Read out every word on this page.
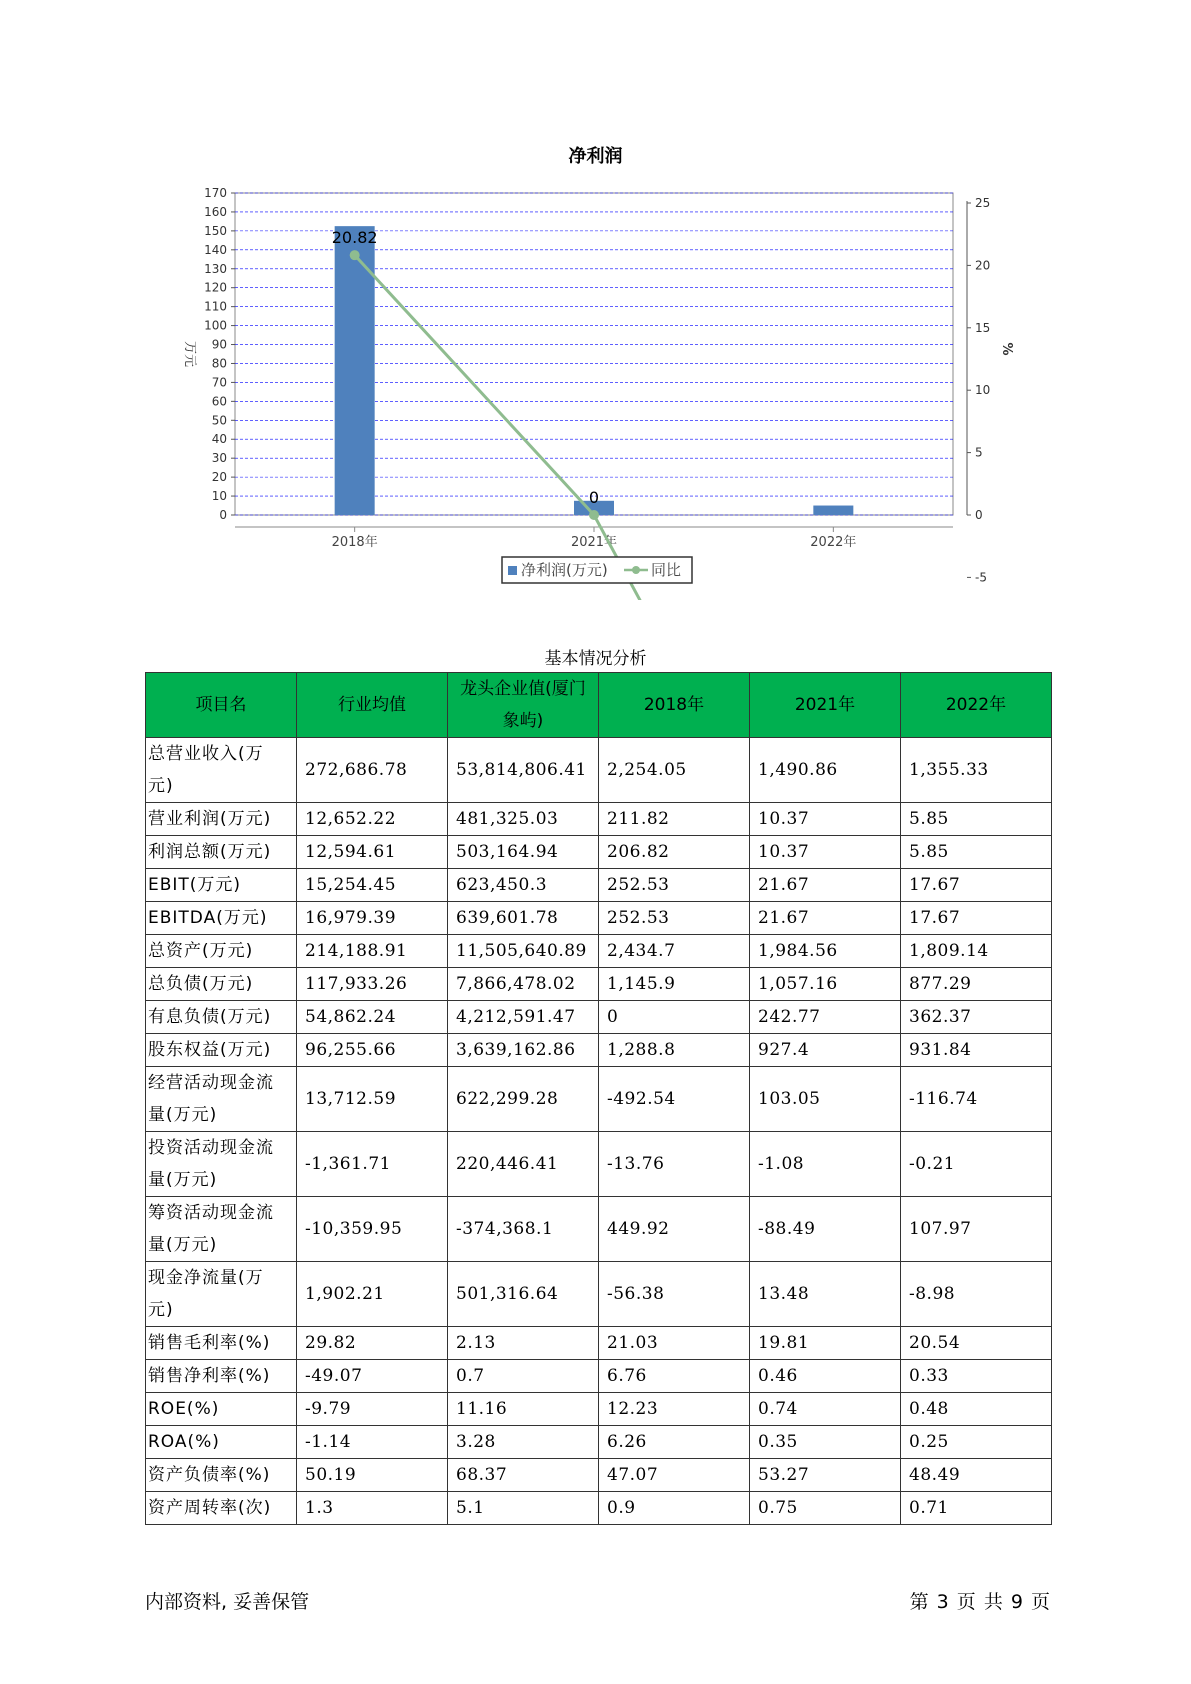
净利润
0
10
20
30
40
50
60
70
80
90
100
110
120
130
140
150
160
170
25
20
15
10
5
0
-5
万元	%
2018年	2021年	2022年
20.82
0
净利润(万元)	同比
基本情况分析
项目名	行业均值	龙头企业值(厦门象屿)	2018年	2021年	2022年
总营业收入(万元)	272,686.78	53,814,806.41	2,254.05	1,490.86	1,355.33
营业利润(万元)	12,652.22	481,325.03	211.82	10.37	5.85
利润总额(万元)	12,594.61	503,164.94	206.82	10.37	5.85
EBIT(万元)	15,254.45	623,450.3	252.53	21.67	17.67
EBITDA(万元)	16,979.39	639,601.78	252.53	21.67	17.67
总资产(万元)	214,188.91	11,505,640.89	2,434.7	1,984.56	1,809.14
总负债(万元)	117,933.26	7,866,478.02	1,145.9	1,057.16	877.29
有息负债(万元)	54,862.24	4,212,591.47	0	242.77	362.37
股东权益(万元)	96,255.66	3,639,162.86	1,288.8	927.4	931.84
经营活动现金流量(万元)	13,712.59	622,299.28	-492.54	103.05	-116.74
投资活动现金流量(万元)	-1,361.71	220,446.41	-13.76	-1.08	-0.21
筹资活动现金流量(万元)	-10,359.95	-374,368.1	449.92	-88.49	107.97
现金净流量(万元)	1,902.21	501,316.64	-56.38	13.48	-8.98
销售毛利率(%)	29.82	2.13	21.03	19.81	20.54
销售净利率(%)	-49.07	0.7	6.76	0.46	0.33
ROE(%)	-9.79	11.16	12.23	0.74	0.48
ROA(%)	-1.14	3.28	6.26	0.35	0.25
资产负债率(%)	50.19	68.37	47.07	53.27	48.49
资产周转率(次)	1.3	5.1	0.9	0.75	0.71
内部资料, 妥善保管	第 3 页 共 9 页
